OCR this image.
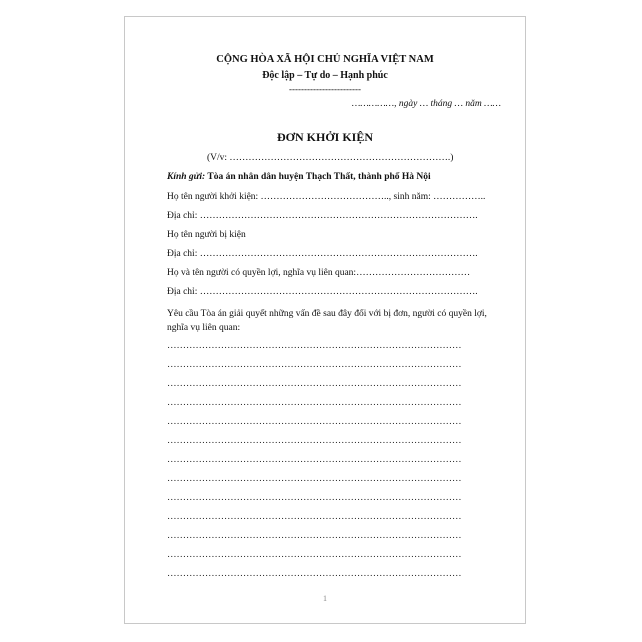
CỘNG HÒA XÃ HỘI CHỦ NGHĨA VIỆT NAM
Độc lập – Tự do – Hạnh phúc
------------------------
……………, ngày … tháng … năm ……
ĐƠN KHỞI KIỆN
(V/v: …………………………………………………………….)
Kính gửi: Tòa án nhân dân huyện Thạch Thất, thành phố Hà Nội
Họ tên người khởi kiện: ………………………………….., sinh năm: ……………..
Địa chỉ: …………………………………………………………………………….
Họ tên người bị kiện
Địa chỉ: …………………………………………………………………………….
Họ và tên người có quyền lợi, nghĩa vụ liên quan:………………………………
Địa chỉ: …………………………………………………………………………….
Yêu cầu Tòa án giải quyết những vấn đề sau đây đối với bị đơn, người có quyền lợi, nghĩa vụ liên quan:
…………………………………………………………………………………
…………………………………………………………………………………
…………………………………………………………………………………
…………………………………………………………………………………
…………………………………………………………………………………
…………………………………………………………………………………
…………………………………………………………………………………
…………………………………………………………………………………
…………………………………………………………………………………
…………………………………………………………………………………
…………………………………………………………………………………
…………………………………………………………………………………
…………………………………………………………………………………
1
